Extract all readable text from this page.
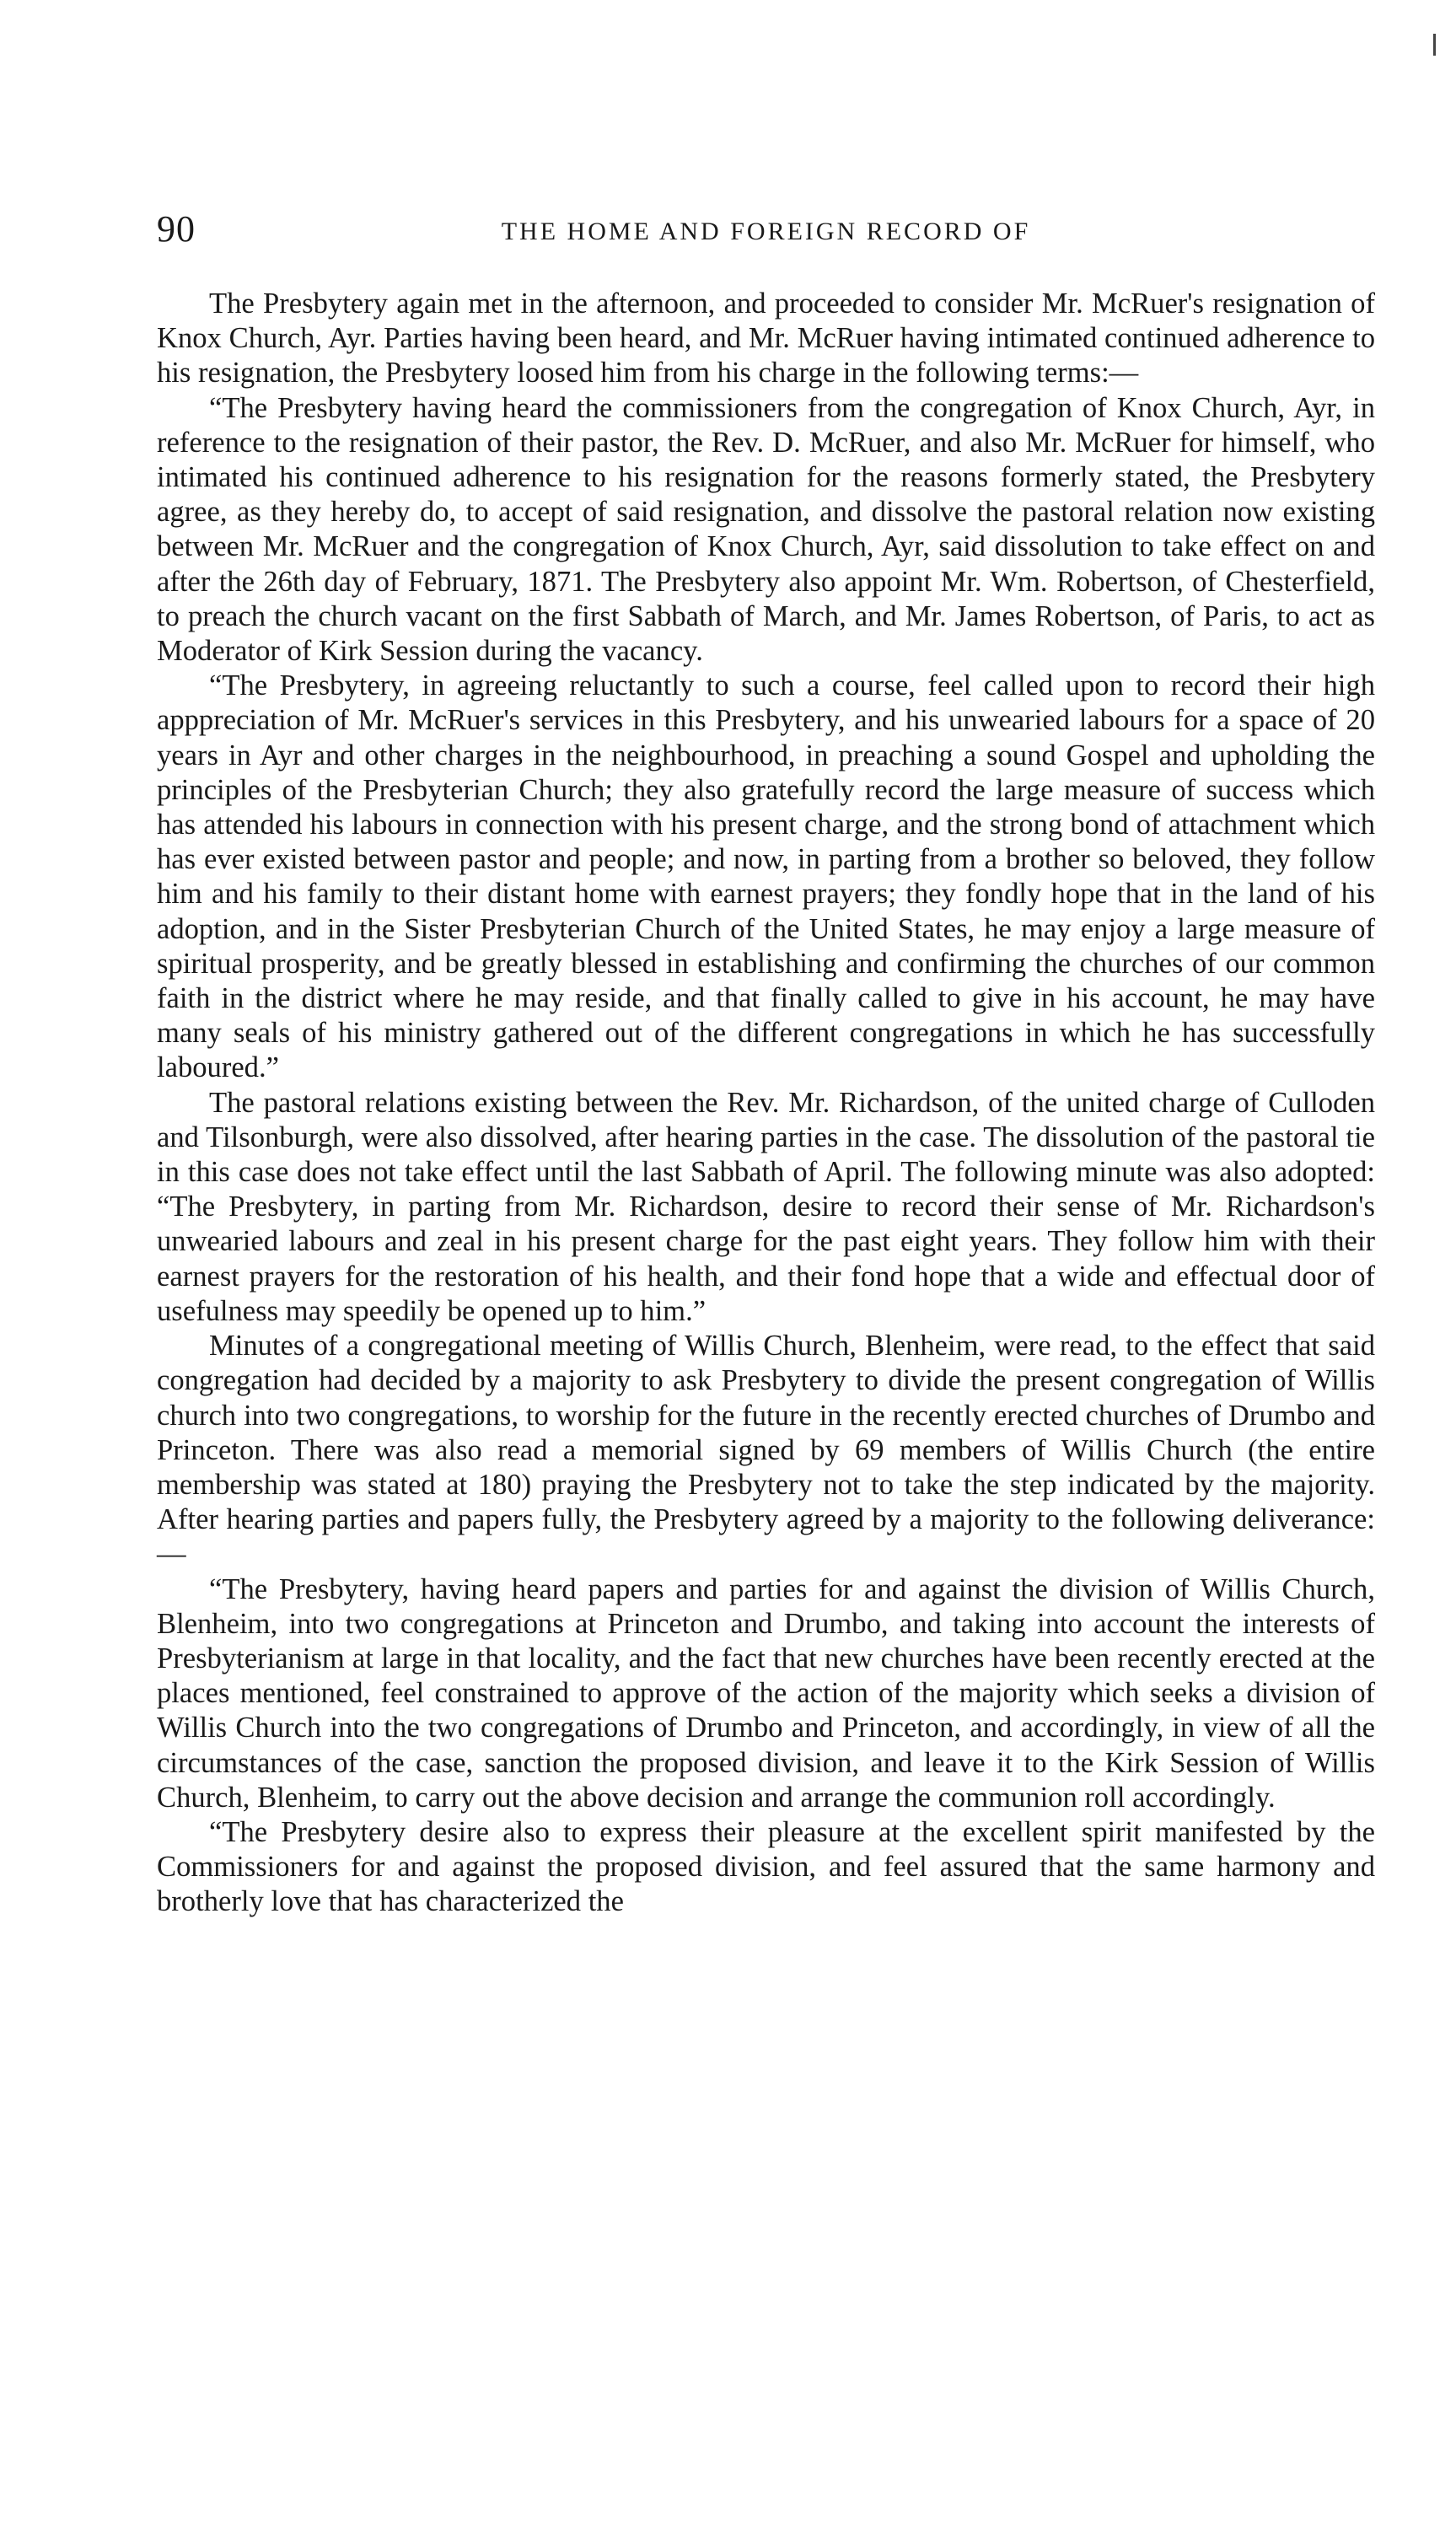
90	THE HOME AND FOREIGN RECORD OF

The Presbytery again met in the afternoon, and proceeded to consider Mr. McRuer's resignation of Knox Church, Ayr. Parties having been heard, and Mr. McRuer having intimated continued adherence to his resignation, the Presbytery loosed him from his charge in the following terms:—

“The Presbytery having heard the commissioners from the congregation of Knox Church, Ayr, in reference to the resignation of their pastor, the Rev. D. McRuer, and also Mr. McRuer for himself, who intimated his continued adherence to his resignation for the reasons formerly stated, the Presbytery agree, as they hereby do, to accept of said resignation, and dissolve the pastoral relation now existing between Mr. McRuer and the congregation of Knox Church, Ayr, said dissolution to take effect on and after the 26th day of February, 1871. The Presbytery also appoint Mr. Wm. Robertson, of Chesterfield, to preach the church vacant on the first Sabbath of March, and Mr. James Robertson, of Paris, to act as Moderator of Kirk Session during the vacancy.

“The Presbytery, in agreeing reluctantly to such a course, feel called upon to record their high apppreciation of Mr. McRuer's services in this Presbytery, and his unwearied labours for a space of 20 years in Ayr and other charges in the neighbourhood, in preaching a sound Gospel and upholding the principles of the Presbyterian Church; they also gratefully record the large measure of success which has attended his labours in connection with his present charge, and the strong bond of attachment which has ever existed between pastor and people; and now, in parting from a brother so beloved, they follow him and his family to their distant home with earnest prayers; they fondly hope that in the land of his adoption, and in the Sister Presbyterian Church of the United States, he may enjoy a large measure of spiritual prosperity, and be greatly blessed in establishing and confirming the churches of our common faith in the district where he may reside, and that finally called to give in his account, he may have many seals of his ministry gathered out of the different congregations in which he has successfully laboured.”

The pastoral relations existing between the Rev. Mr. Richardson, of the united charge of Culloden and Tilsonburgh, were also dissolved, after hearing parties in the case. The dissolution of the pastoral tie in this case does not take effect until the last Sabbath of April. The following minute was also adopted: “The Presbytery, in parting from Mr. Richardson, desire to record their sense of Mr. Richardson's unwearied labours and zeal in his present charge for the past eight years. They follow him with their earnest prayers for the restoration of his health, and their fond hope that a wide and effectual door of usefulness may speedily be opened up to him.”

Minutes of a congregational meeting of Willis Church, Blenheim, were read, to the effect that said congregation had decided by a majority to ask Presbytery to divide the present congregation of Willis church into two congregations, to worship for the future in the recently erected churches of Drumbo and Princeton. There was also read a memorial signed by 69 members of Willis Church (the entire membership was stated at 180) praying the Presbytery not to take the step indicated by the majority. After hearing parties and papers fully, the Presbytery agreed by a majority to the following deliverance:—

“The Presbytery, having heard papers and parties for and against the division of Willis Church, Blenheim, into two congregations at Princeton and Drumbo, and taking into account the interests of Presbyterianism at large in that locality, and the fact that new churches have been recently erected at the places mentioned, feel constrained to approve of the action of the majority which seeks a division of Willis Church into the two congregations of Drumbo and Princeton, and accordingly, in view of all the circumstances of the case, sanction the proposed division, and leave it to the Kirk Session of Willis Church, Blenheim, to carry out the above decision and arrange the communion roll accordingly.

“The Presbytery desire also to express their pleasure at the excellent spirit manifested by the Commissioners for and against the proposed division, and feel assured that the same harmony and brotherly love that has characterized the
